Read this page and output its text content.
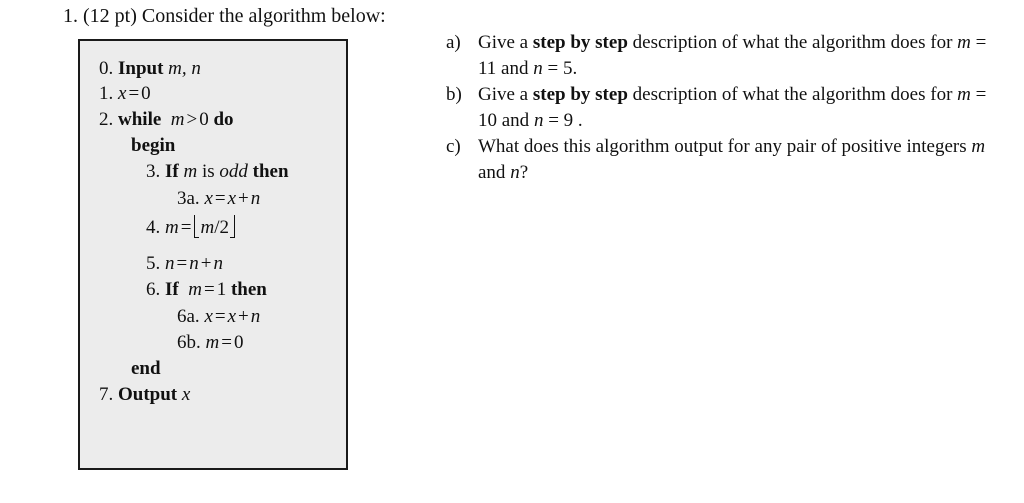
1. (12 pt) Consider the algorithm below:
0. Input m, n
1. x = 0
2. while m > 0 do
begin
3. If m is odd then
3a. x = x + n
4. m = m/2
5. n = n + n
6. If m = 1 then
6a. x = x + n
6b. m = 0
end
7. Output x
a) Give a step by step description of what the algorithm does for m = 11 and n = 5.
b) Give a step by step description of what the algorithm does for m = 10 and n = 9 .
c) What does this algorithm output for any pair of positive integers m and n?
